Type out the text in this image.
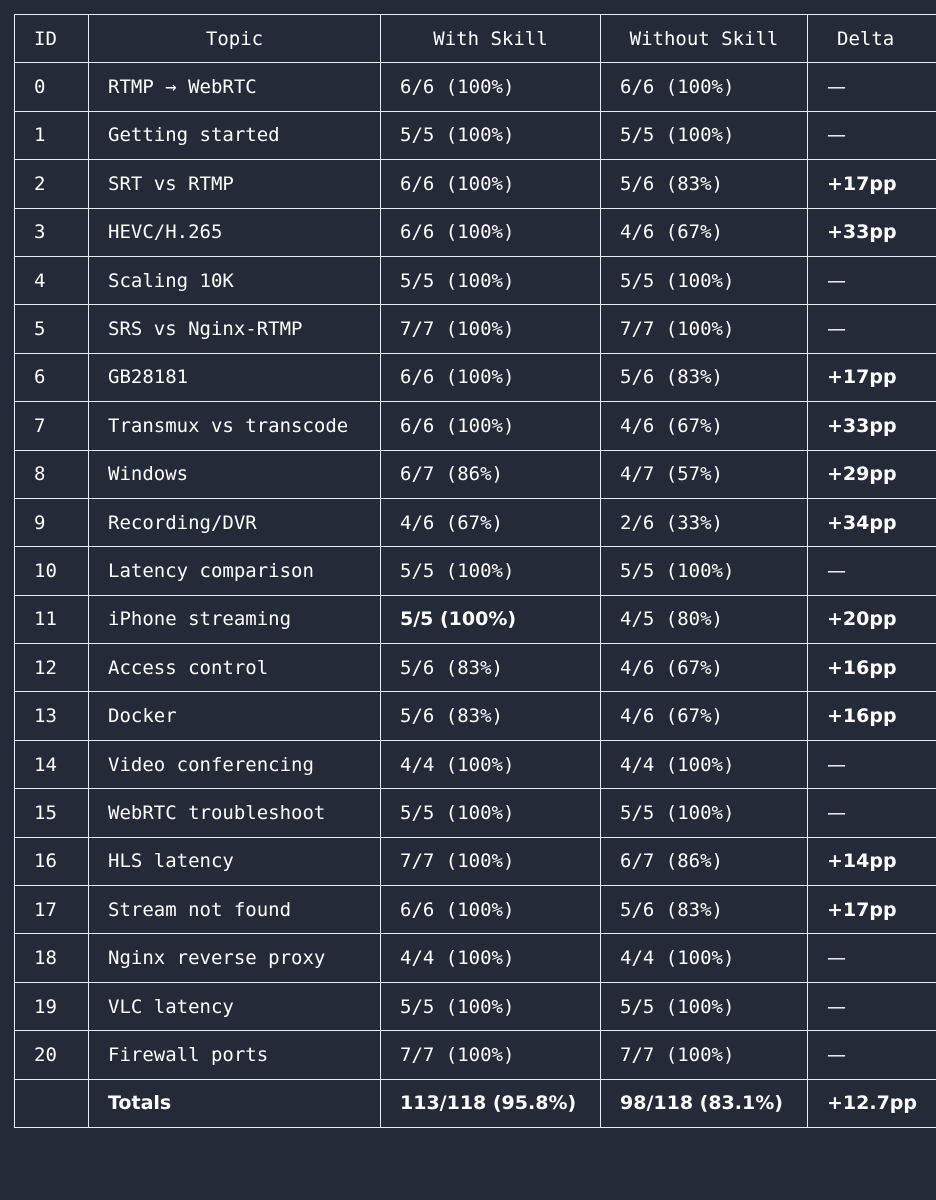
ID	Topic	With Skill	Without Skill	Delta
0	RTMP → WebRTC	6/6 (100%)	6/6 (100%)	—
1	Getting started	5/5 (100%)	5/5 (100%)	—
2	SRT vs RTMP	6/6 (100%)	5/6 (83%)	+17pp
3	HEVC/H.265	6/6 (100%)	4/6 (67%)	+33pp
4	Scaling 10K	5/5 (100%)	5/5 (100%)	—
5	SRS vs Nginx-RTMP	7/7 (100%)	7/7 (100%)	—
6	GB28181	6/6 (100%)	5/6 (83%)	+17pp
7	Transmux vs transcode	6/6 (100%)	4/6 (67%)	+33pp
8	Windows	6/7 (86%)	4/7 (57%)	+29pp
9	Recording/DVR	4/6 (67%)	2/6 (33%)	+34pp
10	Latency comparison	5/5 (100%)	5/5 (100%)	—
11	iPhone streaming	5/5 (100%)	4/5 (80%)	+20pp
12	Access control	5/6 (83%)	4/6 (67%)	+16pp
13	Docker	5/6 (83%)	4/6 (67%)	+16pp
14	Video conferencing	4/4 (100%)	4/4 (100%)	—
15	WebRTC troubleshoot	5/5 (100%)	5/5 (100%)	—
16	HLS latency	7/7 (100%)	6/7 (86%)	+14pp
17	Stream not found	6/6 (100%)	5/6 (83%)	+17pp
18	Nginx reverse proxy	4/4 (100%)	4/4 (100%)	—
19	VLC latency	5/5 (100%)	5/5 (100%)	—
20	Firewall ports	7/7 (100%)	7/7 (100%)	—
	Totals	113/118 (95.8%)	98/118 (83.1%)	+12.7pp
